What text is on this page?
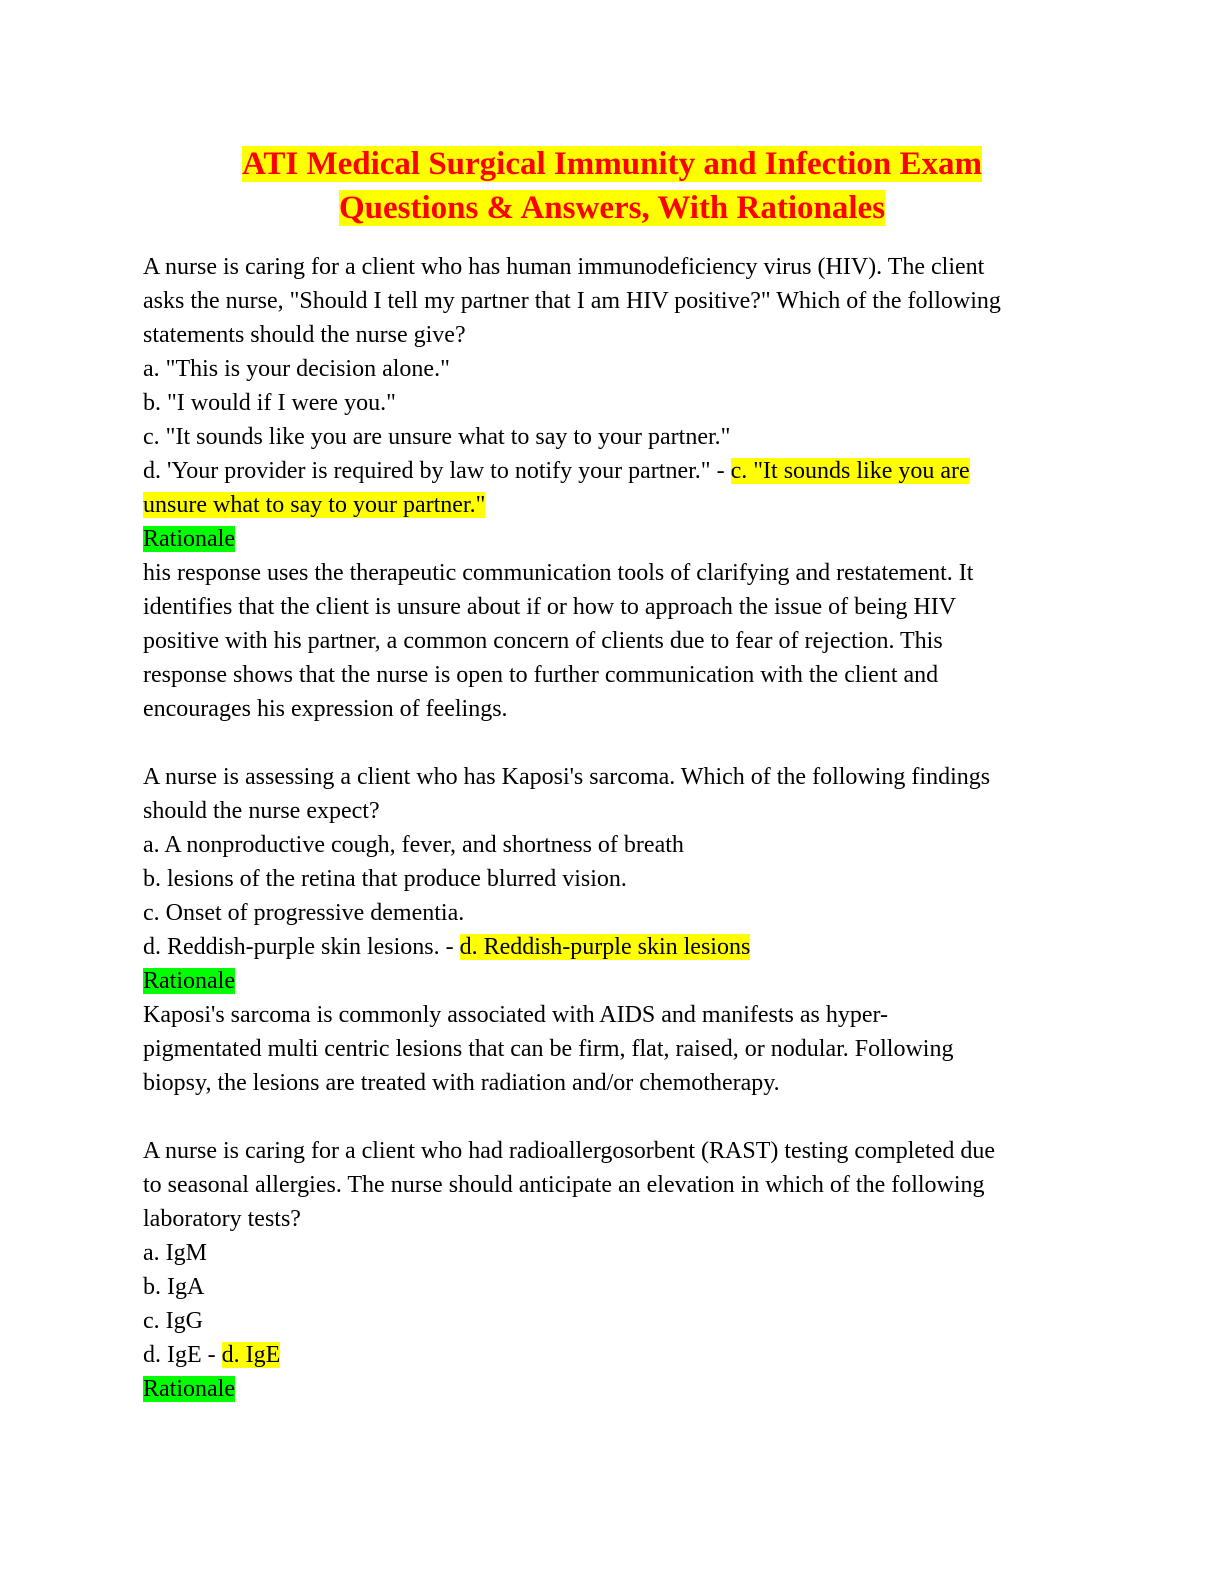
ATI Medical Surgical Immunity and Infection Exam
Questions & Answers, With Rationales
A nurse is caring for a client who has human immunodeficiency virus (HIV). The client
asks the nurse, "Should I tell my partner that I am HIV positive?" Which of the following
statements should the nurse give?
a. "This is your decision alone."
b. "I would if I were you."
c. "It sounds like you are unsure what to say to your partner."
d. 'Your provider is required by law to notify your partner." - c. "It sounds like you are
unsure what to say to your partner."
Rationale
his response uses the therapeutic communication tools of clarifying and restatement. It
identifies that the client is unsure about if or how to approach the issue of being HIV
positive with his partner, a common concern of clients due to fear of rejection. This
response shows that the nurse is open to further communication with the client and
encourages his expression of feelings.
A nurse is assessing a client who has Kaposi's sarcoma. Which of the following findings
should the nurse expect?
a. A nonproductive cough, fever, and shortness of breath
b. lesions of the retina that produce blurred vision.
c. Onset of progressive dementia.
d. Reddish-purple skin lesions. - d. Reddish-purple skin lesions
Rationale
Kaposi's sarcoma is commonly associated with AIDS and manifests as hyper-
pigmentated multi centric lesions that can be firm, flat, raised, or nodular. Following
biopsy, the lesions are treated with radiation and/or chemotherapy.
A nurse is caring for a client who had radioallergosorbent (RAST) testing completed due
to seasonal allergies. The nurse should anticipate an elevation in which of the following
laboratory tests?
a. IgM
b. IgA
c. IgG
d. IgE - d. IgE
Rationale
